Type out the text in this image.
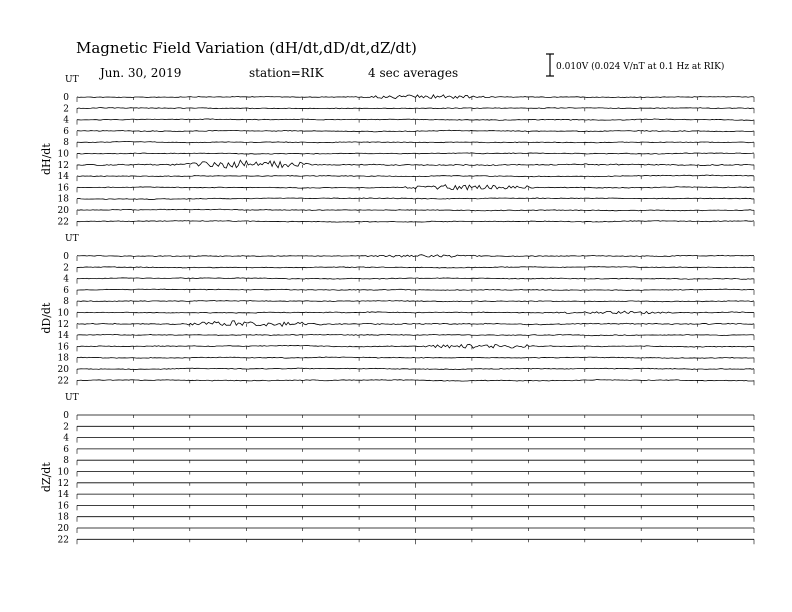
Magnetic Field Variation (dH/dt,dD/dt,dZ/dt)
Jun. 30, 2019	station=RIK	4 sec averages	0.010V (0.024 V/nT at 0.1 Hz at RIK)
UT
dH/dt
0
2
4
6
8
10
12
14
16
18
20
22
UT
dD/dt
0
2
4
6
8
10
12
14
16
18
20
22
UT
dZ/dt
0
2
4
6
8
10
12
14
16
18
20
22
